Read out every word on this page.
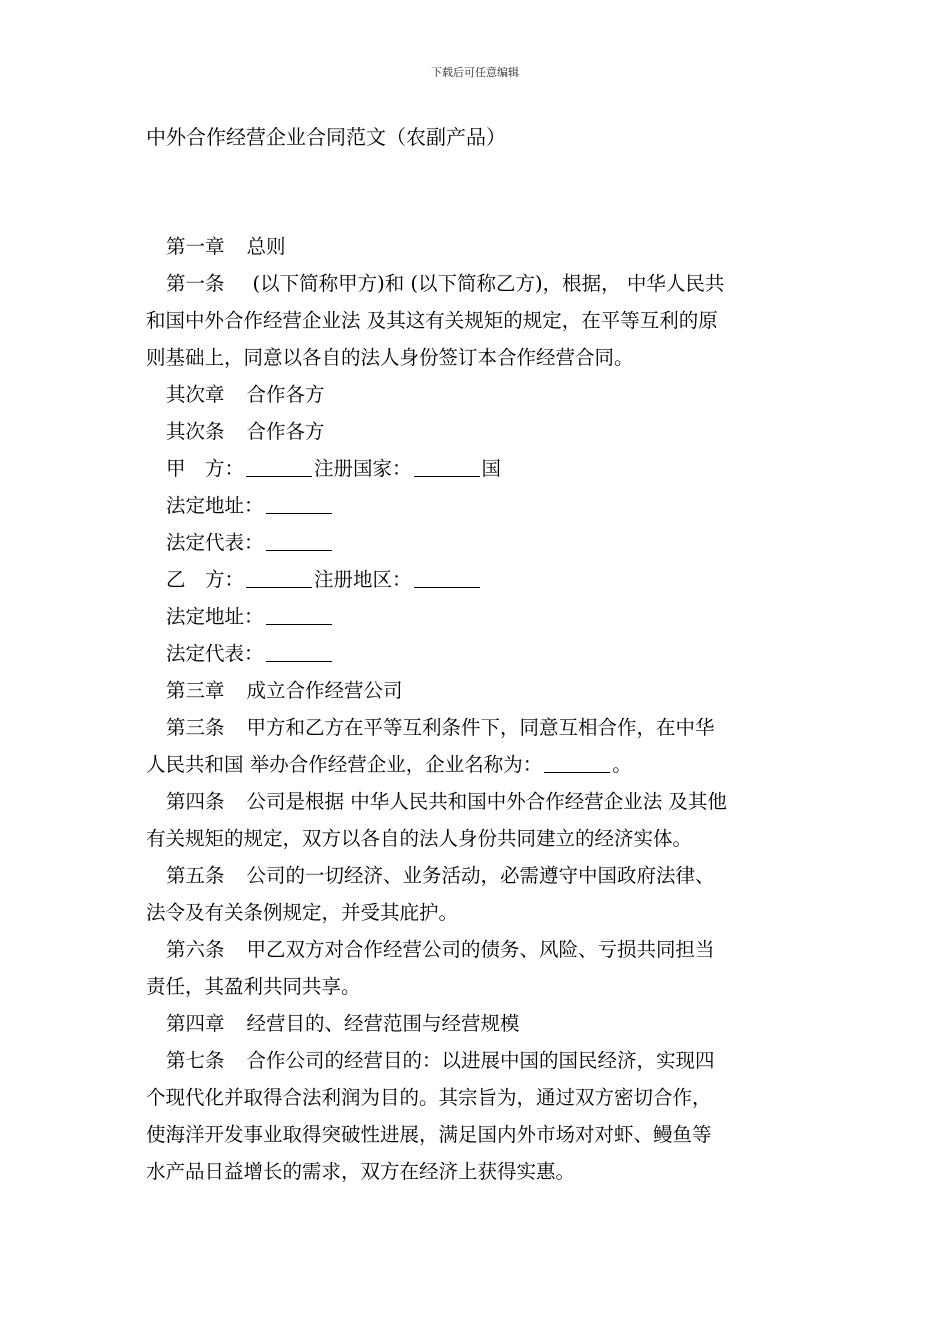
下载后可任意编辑
中外合作经营企业合同范文（农副产品）
第一章 总则
第一条 (以下简称甲方)和 (以下简称乙方)，根据， 中华人民共
和国中外合作经营企业法 及其这有关规矩的规定，在平等互利的原
则基础上，同意以各自的法人身份签订本合作经营合同。
其次章 合作各方
其次条 合作各方
甲　方：	注册国家：	国
法定地址：
法定代表：
乙　方：	注册地区：
法定地址：
法定代表：
第三章 成立合作经营公司
第三条 甲方和乙方在平等互利条件下，同意互相合作，在中华
人民共和国 举办合作经营企业，企业名称为：	。
第四条 公司是根据 中华人民共和国中外合作经营企业法 及其他
有关规矩的规定，双方以各自的法人身份共同建立的经济实体。
第五条 公司的一切经济、业务活动，必需遵守中国政府法律、
法令及有关条例规定，并受其庇护。
第六条 甲乙双方对合作经营公司的债务、风险、亏损共同担当
责任，其盈利共同共享。
第四章 经营目的、经营范围与经营规模
第七条 合作公司的经营目的：以进展中国的国民经济，实现四
个现代化并取得合法利润为目的。其宗旨为，通过双方密切合作，
使海洋开发事业取得突破性进展，满足国内外市场对对虾、鳗鱼等
水产品日益增长的需求，双方在经济上获得实惠。
